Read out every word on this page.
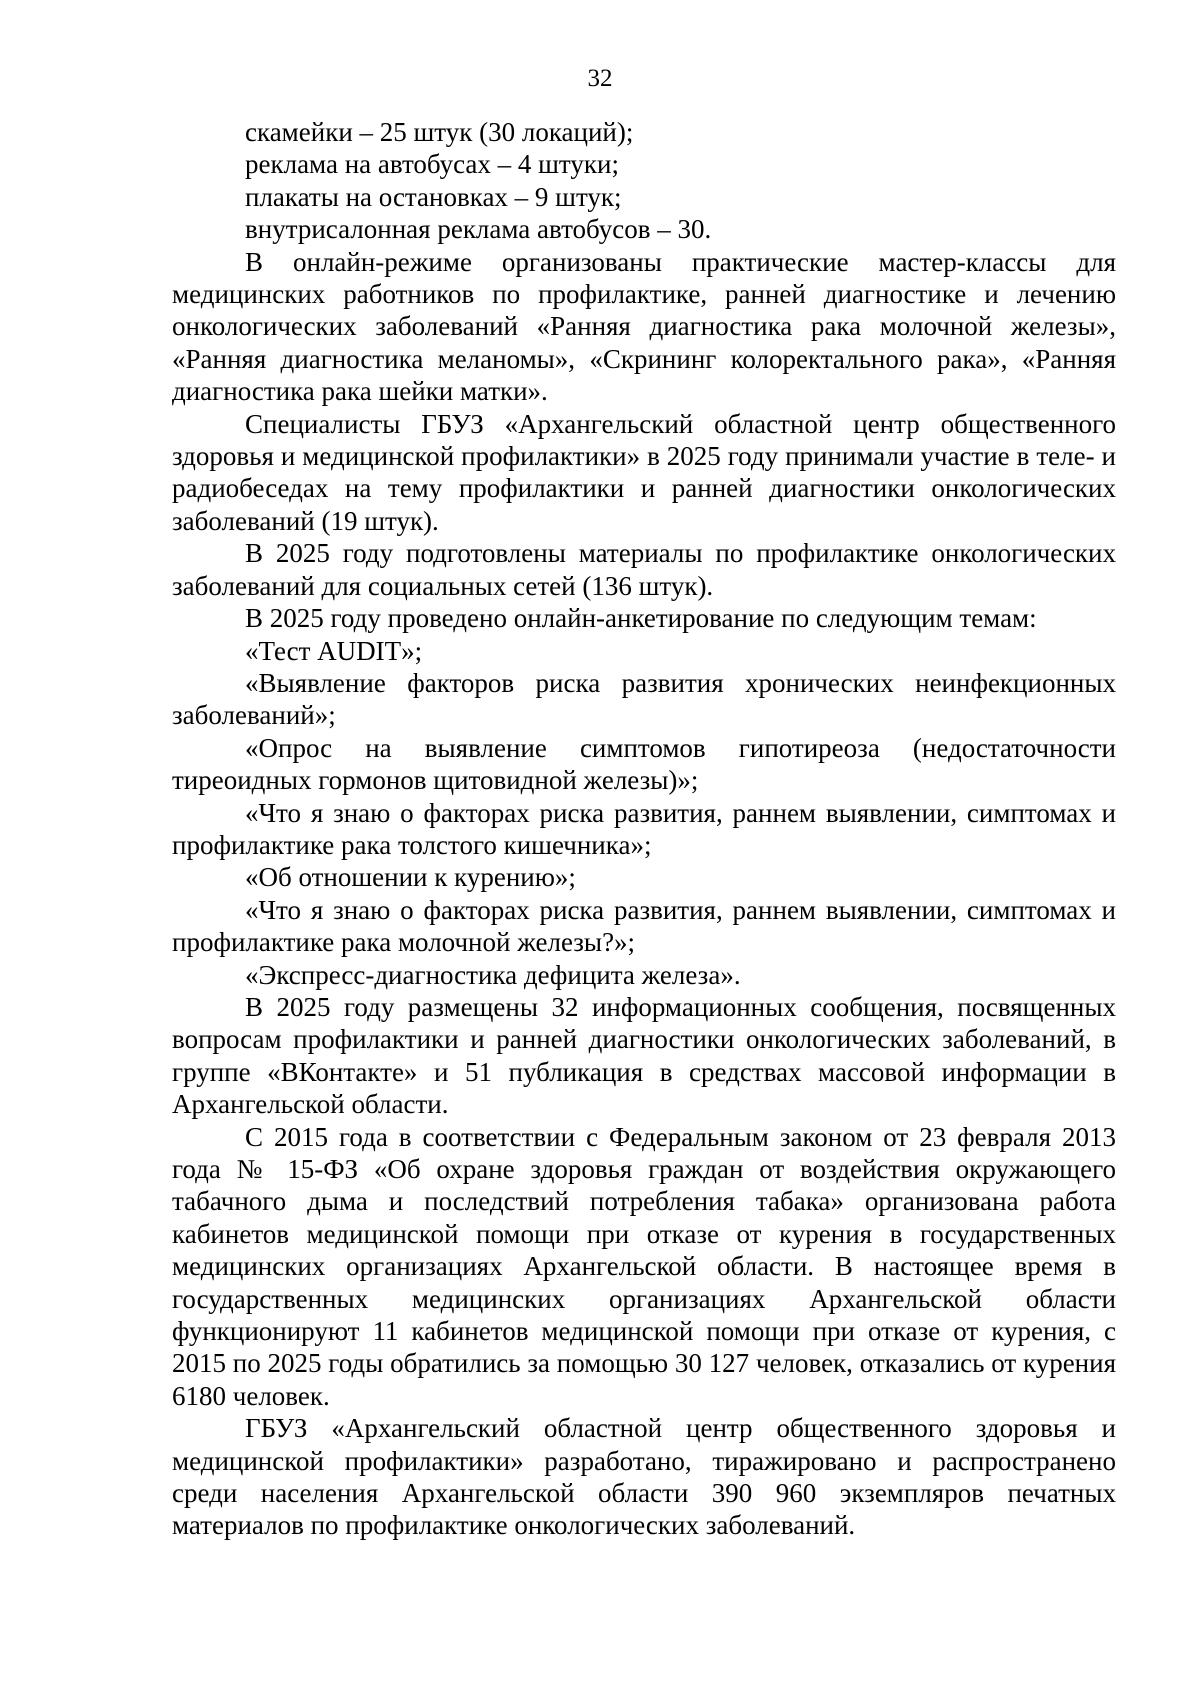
32

скамейки – 25 штук (30 локаций);

реклама на автобусах – 4 штуки;

плакаты на остановках – 9 штук;

внутрисалонная реклама автобусов – 30.

В онлайн-режиме организованы практические мастер-классы для медицинских работников по профилактике, ранней диагностике и лечению онкологических заболеваний «Ранняя диагностика рака молочной железы», «Ранняя диагностика меланомы», «Скрининг колоректального рака», «Ранняя диагностика рака шейки матки».

Специалисты ГБУЗ «Архангельский областной центр общественного здоровья и медицинской профилактики» в 2025 году принимали участие в теле- и радиобеседах на тему профилактики и ранней диагностики онкологических заболеваний (19 штук).

В 2025 году подготовлены материалы по профилактике онкологических заболеваний для социальных сетей (136 штук).

В 2025 году проведено онлайн-анкетирование по следующим темам:

«Тест AUDIT»;

«Выявление факторов риска развития хронических неинфекционных заболеваний»;

«Опрос на выявление симптомов гипотиреоза (недостаточности тиреоидных гормонов щитовидной железы)»;

«Что я знаю о факторах риска развития, раннем выявлении, симптомах и профилактике рака толстого кишечника»;

«Об отношении к курению»;

«Что я знаю о факторах риска развития, раннем выявлении, симптомах и профилактике рака молочной железы?»;

«Экспресс-диагностика дефицита железа».

В 2025 году размещены 32 информационных сообщения, посвященных вопросам профилактики и ранней диагностики онкологических заболеваний, в группе «ВКонтакте» и 51 публикация в средствах массовой информации в Архангельской области.

С 2015 года в соответствии с Федеральным законом от 23 февраля 2013 года № 15-ФЗ «Об охране здоровья граждан от воздействия окружающего табачного дыма и последствий потребления табака» организована работа кабинетов медицинской помощи при отказе от курения в государственных медицинских организациях Архангельской области. В настоящее время в государственных медицинских организациях Архангельской области функционируют 11 кабинетов медицинской помощи при отказе от курения, с 2015 по 2025 годы обратились за помощью 30 127 человек, отказались от курения 6180 человек.

ГБУЗ «Архангельский областной центр общественного здоровья и медицинской профилактики» разработано, тиражировано и распространено среди населения Архангельской области 390 960 экземпляров печатных материалов по профилактике онкологических заболеваний.
